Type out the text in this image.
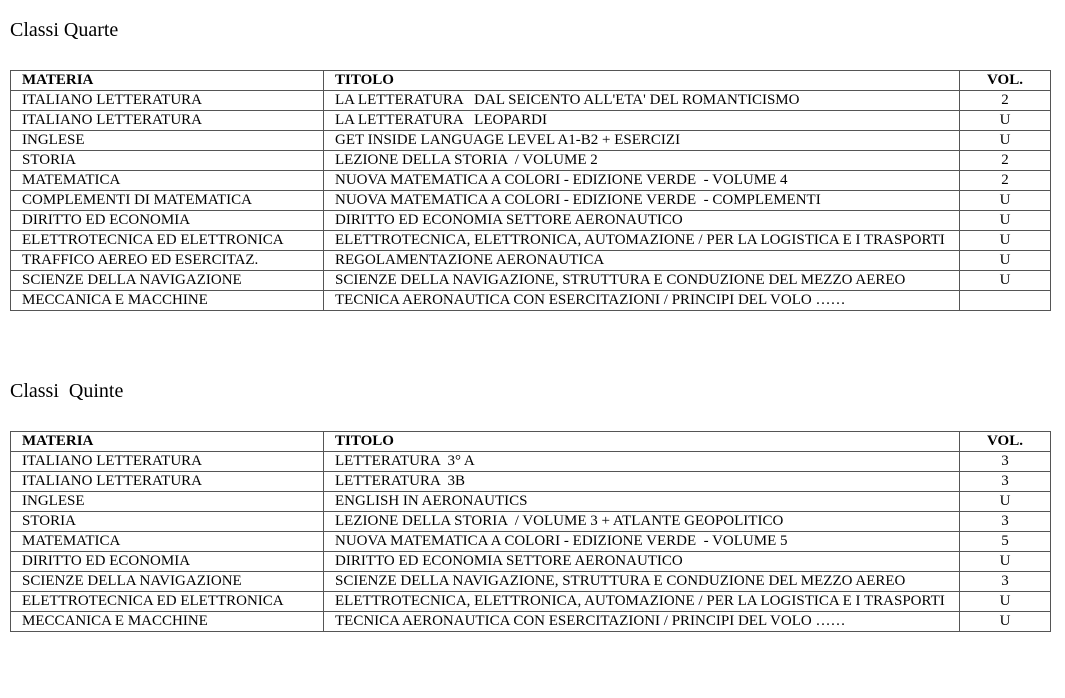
Classi Quarte
MATERIA	TITOLO	VOL.
ITALIANO LETTERATURA	LA LETTERATURA   DAL SEICENTO ALL'ETA' DEL ROMANTICISMO	2
ITALIANO LETTERATURA	LA LETTERATURA   LEOPARDI	U
INGLESE	GET INSIDE LANGUAGE LEVEL A1-B2 + ESERCIZI	U
STORIA	LEZIONE DELLA STORIA  / VOLUME 2	2
MATEMATICA	NUOVA MATEMATICA A COLORI - EDIZIONE VERDE  - VOLUME 4	2
COMPLEMENTI DI MATEMATICA	NUOVA MATEMATICA A COLORI - EDIZIONE VERDE  - COMPLEMENTI	U
DIRITTO ED ECONOMIA	DIRITTO ED ECONOMIA SETTORE AERONAUTICO	U
ELETTROTECNICA ED ELETTRONICA	ELETTROTECNICA, ELETTRONICA, AUTOMAZIONE / PER LA LOGISTICA E I TRASPORTI	U
TRAFFICO AEREO ED ESERCITAZ.	REGOLAMENTAZIONE AERONAUTICA	U
SCIENZE DELLA NAVIGAZIONE	SCIENZE DELLA NAVIGAZIONE, STRUTTURA E CONDUZIONE DEL MEZZO AEREO	U
MECCANICA E MACCHINE	TECNICA AERONAUTICA CON ESERCITAZIONI / PRINCIPI DEL VOLO ……	
Classi  Quinte
MATERIA	TITOLO	VOL.
ITALIANO LETTERATURA	LETTERATURA  3° A	3
ITALIANO LETTERATURA	LETTERATURA  3B	3
INGLESE	ENGLISH IN AERONAUTICS	U
STORIA	LEZIONE DELLA STORIA  / VOLUME 3 + ATLANTE GEOPOLITICO	3
MATEMATICA	NUOVA MATEMATICA A COLORI - EDIZIONE VERDE  - VOLUME 5	5
DIRITTO ED ECONOMIA	DIRITTO ED ECONOMIA SETTORE AERONAUTICO	U
SCIENZE DELLA NAVIGAZIONE	SCIENZE DELLA NAVIGAZIONE, STRUTTURA E CONDUZIONE DEL MEZZO AEREO	3
ELETTROTECNICA ED ELETTRONICA	ELETTROTECNICA, ELETTRONICA, AUTOMAZIONE / PER LA LOGISTICA E I TRASPORTI	U
MECCANICA E MACCHINE	TECNICA AERONAUTICA CON ESERCITAZIONI / PRINCIPI DEL VOLO ……	U
